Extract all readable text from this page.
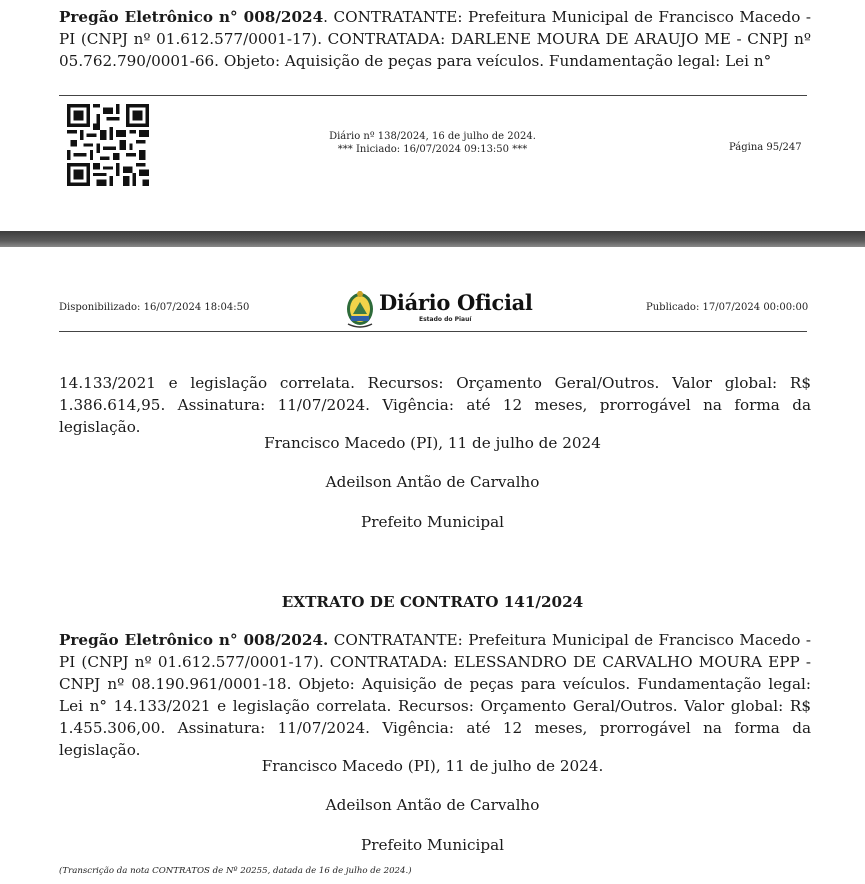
Pregão Eletrônico n° 008/2024. CONTRATANTE: Prefeitura Municipal de Francisco Macedo - PI (CNPJ nº 01.612.577/0001-17). CONTRATADA: DARLENE MOURA DE ARAUJO ME - CNPJ nº 05.762.790/0001-66. Objeto: Aquisição de peças para veículos. Fundamentação legal: Lei n°

Diário nº 138/2024, 16 de julho de 2024.
*** Iniciado: 16/07/2024 09:13:50 ***	Página 95/247
Disponibilizado: 16/07/2024 18:04:50	Publicado: 17/07/2024 00:00:00
Diário Oficial
Estado do Piauí

14.133/2021 e legislação correlata. Recursos: Orçamento Geral/Outros. Valor global: R$ 1.386.614,95. Assinatura: 11/07/2024. Vigência: até 12 meses, prorrogável na forma da legislação.

Francisco Macedo (PI), 11 de julho de 2024
Adeilson Antão de Carvalho
Prefeito Municipal
EXTRATO DE CONTRATO 141/2024

Pregão Eletrônico n° 008/2024. CONTRATANTE: Prefeitura Municipal de Francisco Macedo - PI (CNPJ nº 01.612.577/0001-17). CONTRATADA: ELESSANDRO DE CARVALHO MOURA EPP - CNPJ nº 08.190.961/0001-18. Objeto: Aquisição de peças para veículos. Fundamentação legal: Lei n° 14.133/2021 e legislação correlata. Recursos: Orçamento Geral/Outros. Valor global: R$ 1.455.306,00. Assinatura: 11/07/2024. Vigência: até 12 meses, prorrogável na forma da legislação.

Francisco Macedo (PI), 11 de julho de 2024.
Adeilson Antão de Carvalho
Prefeito Municipal
(Transcrição da nota CONTRATOS de Nº 20255, datada de 16 de julho de 2024.)
